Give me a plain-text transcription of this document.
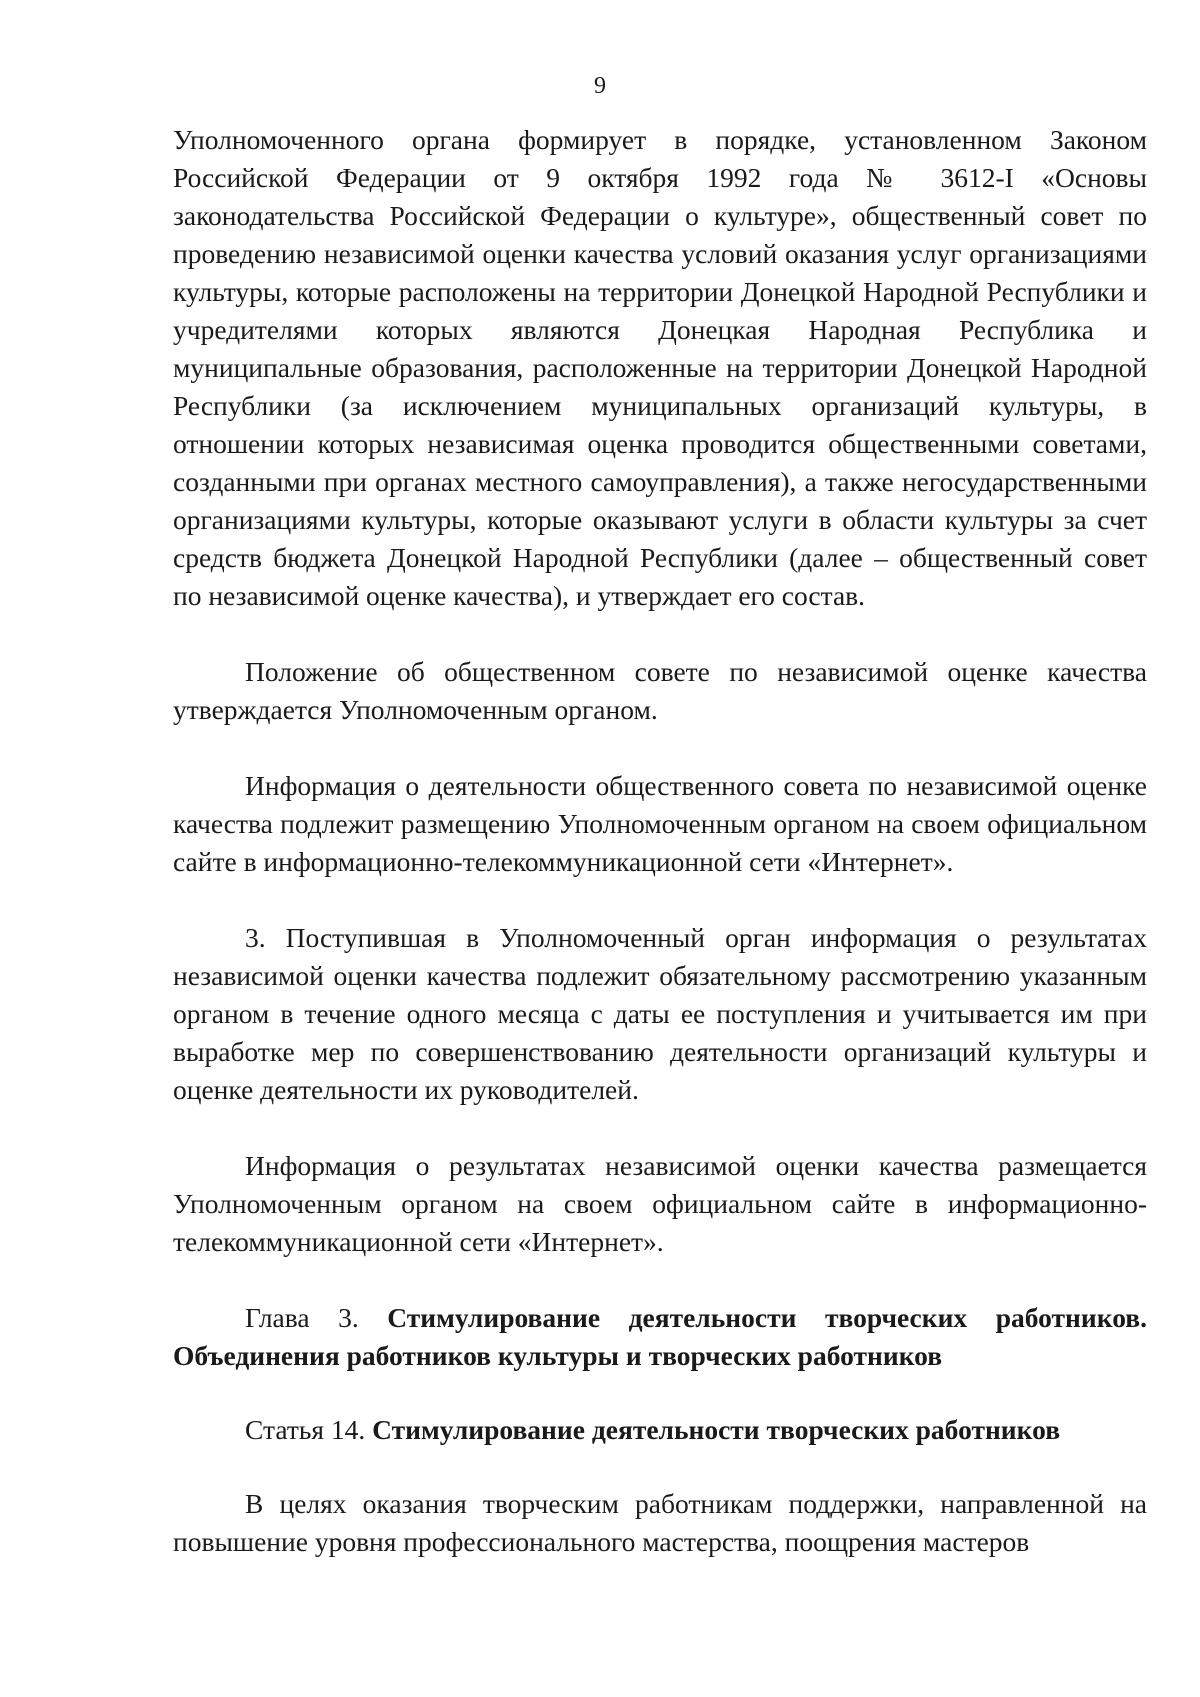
9

Уполномоченного органа формирует в порядке, установленном Законом Российской Федерации от 9 октября 1992 года № 3612-I «Основы законодательства Российской Федерации о культуре», общественный совет по проведению независимой оценки качества условий оказания услуг организациями культуры, которые расположены на территории Донецкой Народной Республики и учредителями которых являются Донецкая Народная Республика и муниципальные образования, расположенные на территории Донецкой Народной Республики (за исключением муниципальных организаций культуры, в отношении которых независимая оценка проводится общественными советами, созданными при органах местного самоуправления), а также негосударственными организациями культуры, которые оказывают услуги в области культуры за счет средств бюджета Донецкой Народной Республики (далее – общественный совет по независимой оценке качества), и утверждает его состав.

Положение об общественном совете по независимой оценке качества утверждается Уполномоченным органом.

Информация о деятельности общественного совета по независимой оценке качества подлежит размещению Уполномоченным органом на своем официальном сайте в информационно-телекоммуникационной сети «Интернет».

3. Поступившая в Уполномоченный орган информация о результатах независимой оценки качества подлежит обязательному рассмотрению указанным органом в течение одного месяца с даты ее поступления и учитывается им при выработке мер по совершенствованию деятельности организаций культуры и оценке деятельности их руководителей.

Информация о результатах независимой оценки качества размещается Уполномоченным органом на своем официальном сайте в информационно-телекоммуникационной сети «Интернет».

Глава 3. Стимулирование деятельности творческих работников. Объединения работников культуры и творческих работников

Статья 14. Стимулирование деятельности творческих работников

В целях оказания творческим работникам поддержки, направленной на повышение уровня профессионального мастерства, поощрения мастеров
